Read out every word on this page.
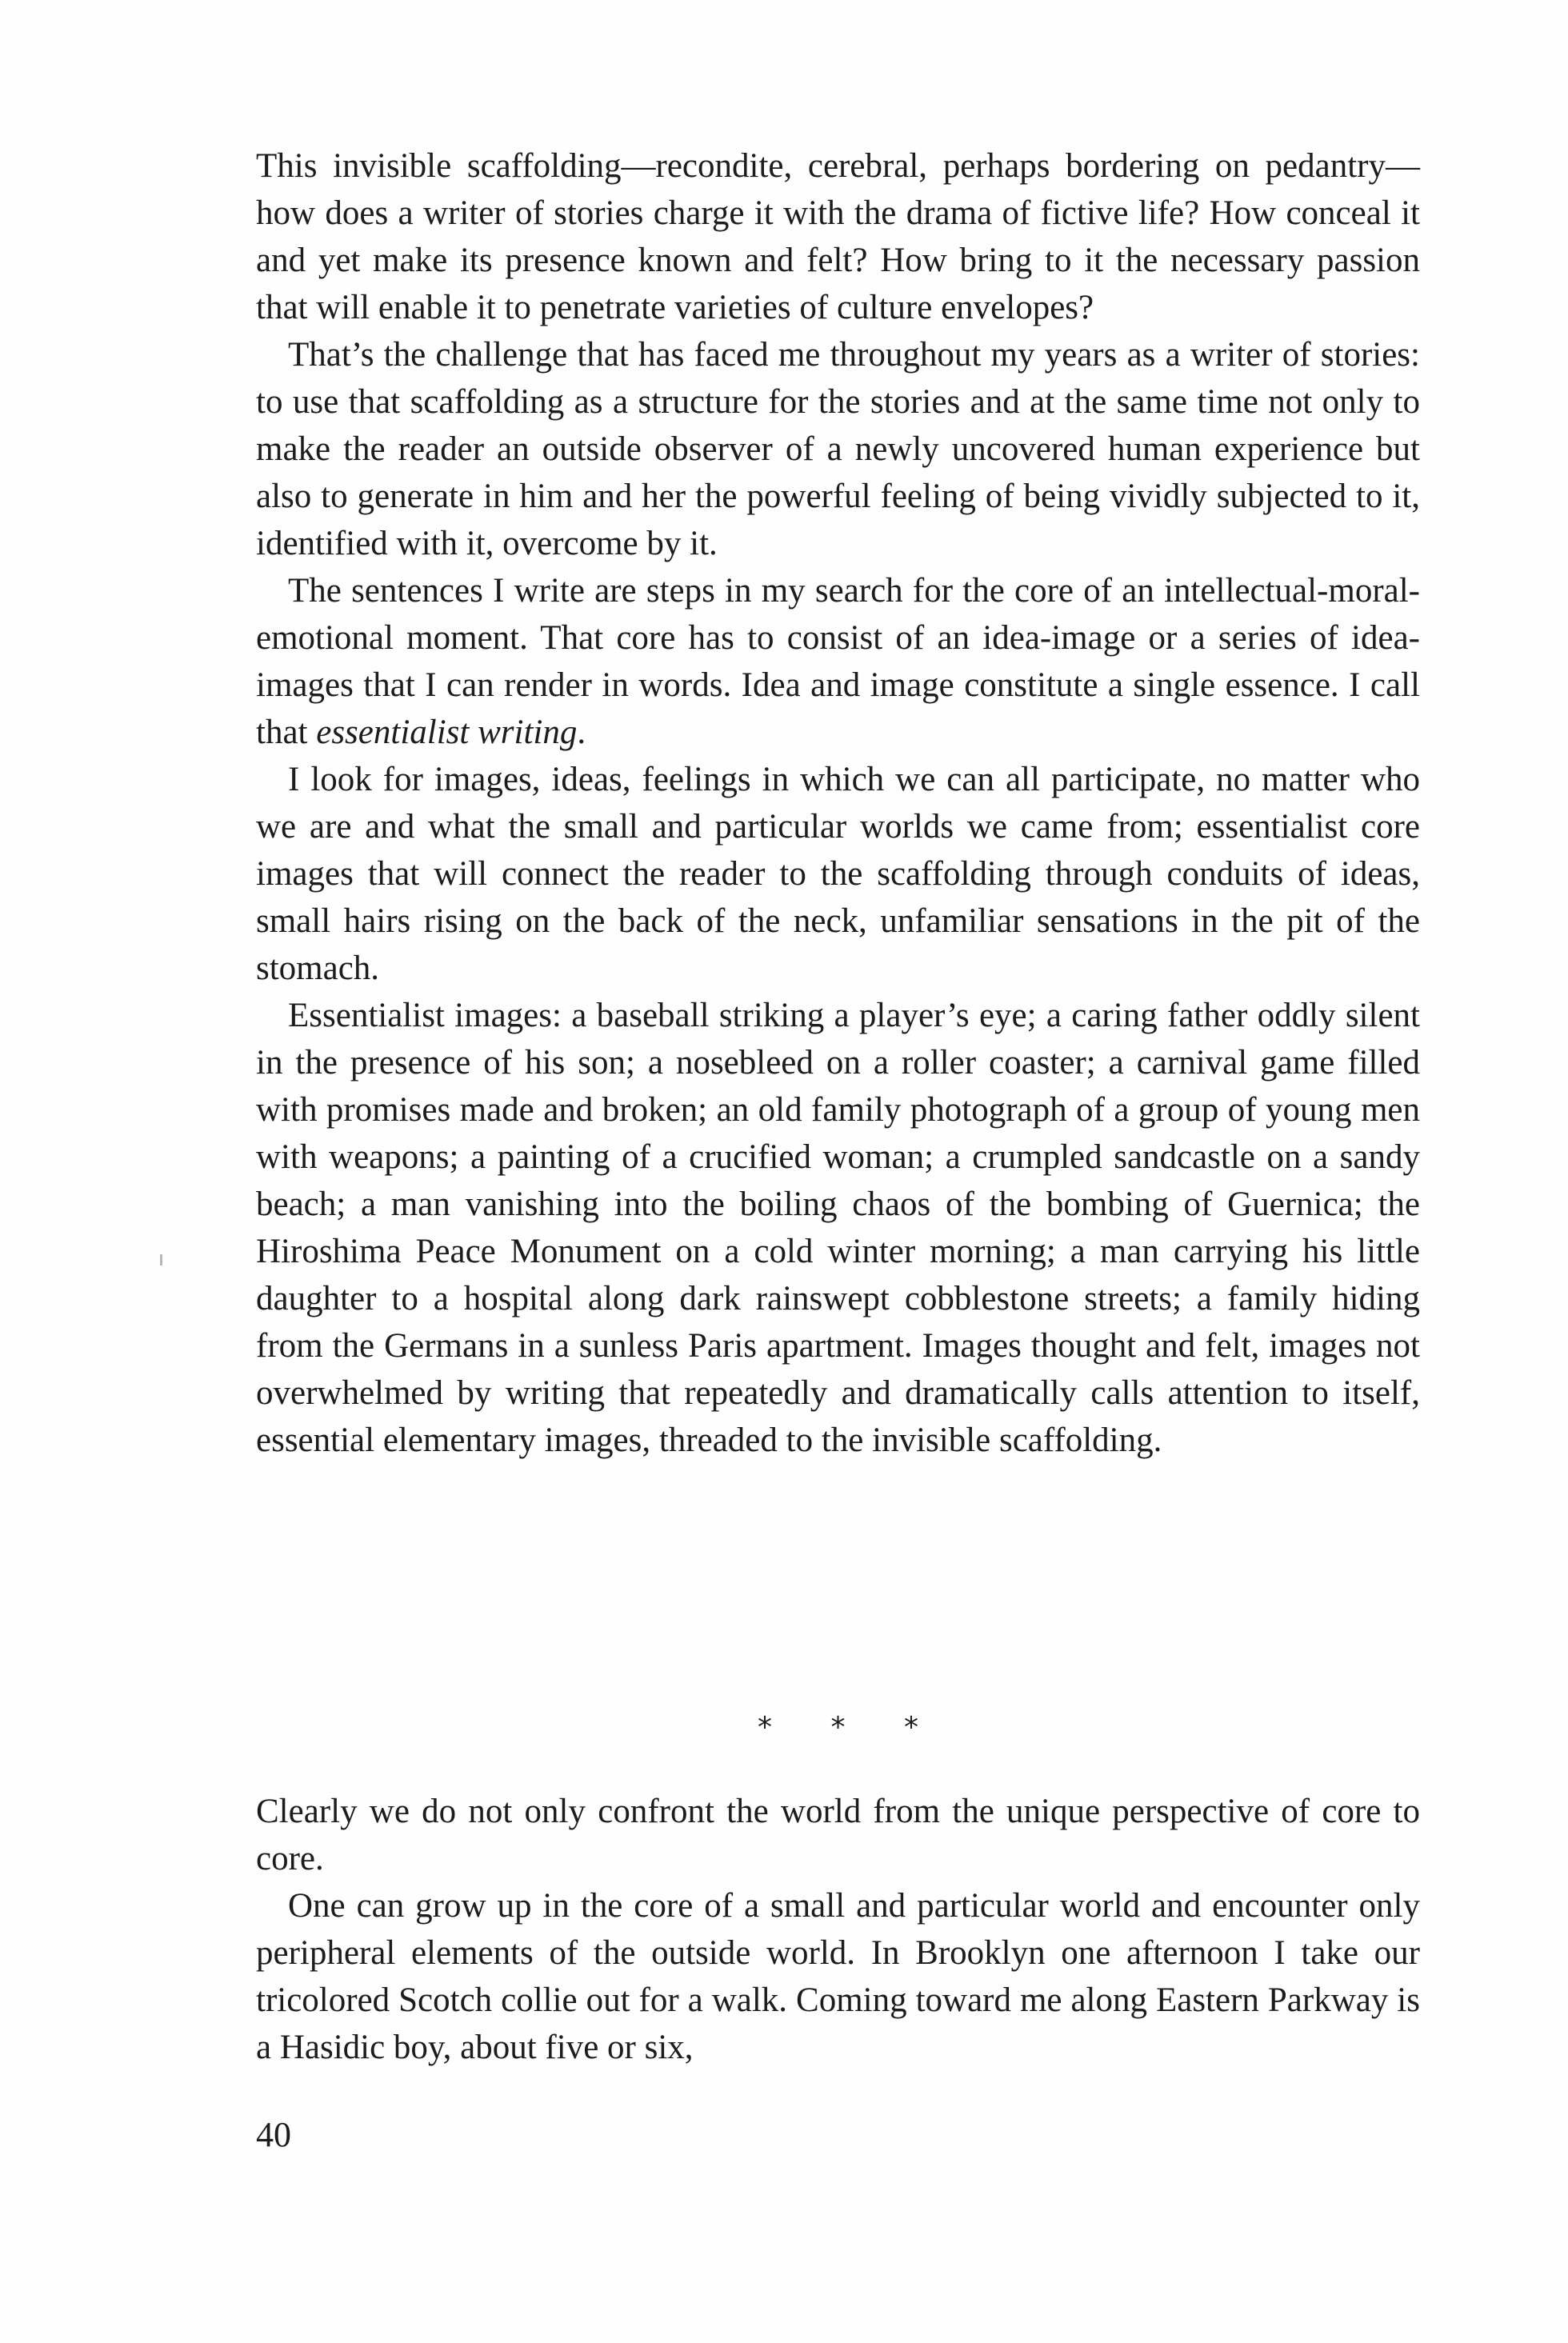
This invisible scaffolding—recondite, cerebral, perhaps bordering on pedantry—how does a writer of stories charge it with the drama of fictive life? How conceal it and yet make its presence known and felt? How bring to it the necessary passion that will enable it to penetrate varieties of culture envelopes?

That’s the challenge that has faced me throughout my years as a writer of stories: to use that scaffolding as a structure for the stories and at the same time not only to make the reader an outside observer of a newly uncovered human experience but also to generate in him and her the powerful feeling of being vividly subjected to it, identified with it, overcome by it.

The sentences I write are steps in my search for the core of an intellectual-moral-emotional moment. That core has to consist of an idea-image or a series of idea-images that I can render in words. Idea and image constitute a single essence. I call that essentialist writing.

I look for images, ideas, feelings in which we can all participate, no matter who we are and what the small and particular worlds we came from; essentialist core images that will connect the reader to the scaffolding through conduits of ideas, small hairs rising on the back of the neck, unfamiliar sensations in the pit of the stomach.

Essentialist images: a baseball striking a player’s eye; a caring father oddly silent in the presence of his son; a nosebleed on a roller coaster; a carnival game filled with promises made and broken; an old family photograph of a group of young men with weapons; a painting of a crucified woman; a crumpled sandcastle on a sandy beach; a man vanishing into the boiling chaos of the bombing of Guernica; the Hiroshima Peace Monument on a cold winter morning; a man carrying his little daughter to a hospital along dark rainswept cobblestone streets; a family hiding from the Germans in a sunless Paris apartment. Images thought and felt, images not overwhelmed by writing that repeatedly and dramatically calls attention to itself, essential elementary images, threaded to the invisible scaffolding.

* * *

Clearly we do not only confront the world from the unique perspective of core to core.

One can grow up in the core of a small and particular world and encounter only peripheral elements of the outside world. In Brooklyn one afternoon I take our tricolored Scotch collie out for a walk. Coming toward me along Eastern Parkway is a Hasidic boy, about five or six,

40
